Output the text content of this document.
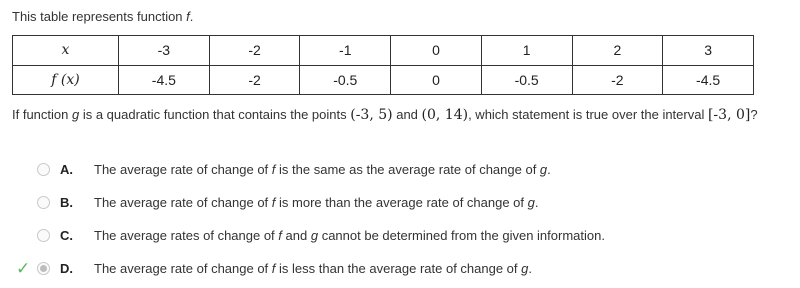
This table represents function f.
x	-3	-2	-1	0	1	2	3
f (x)	-4.5	-2	-0.5	0	-0.5	-2	-4.5
If function g is a quadratic function that contains the points (-3, 5) and (0, 14), which statement is true over the interval [-3, 0]?
A. The average rate of change of f is the same as the average rate of change of g.
B. The average rate of change of f is more than the average rate of change of g.
C. The average rates of change of f and g cannot be determined from the given information.
✓ D. The average rate of change of f is less than the average rate of change of g.
